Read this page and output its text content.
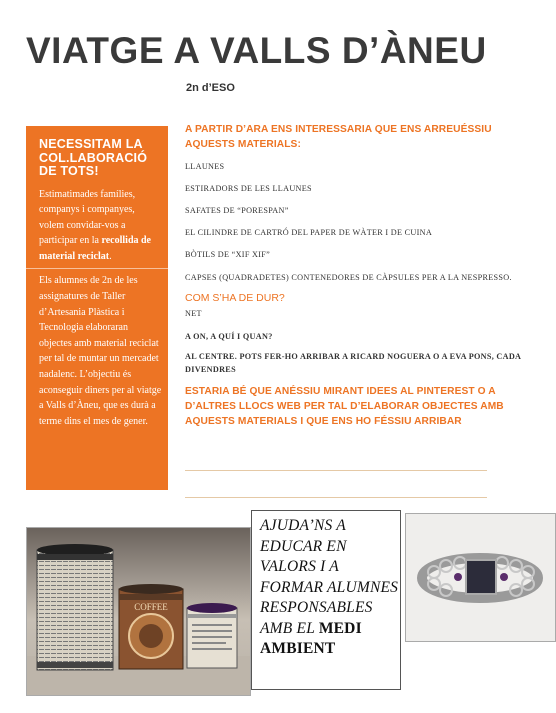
VIATGE A VALLS D’ÀNEU
2n d’ESO
NECESSITAM LA COL.LABORACIÓ DE TOTS!
Estimatimades famílies, companys i companyes, volem convidar-vos a participar en la recollida de material reciclat.
Els alumnes de 2n de les assignatures de Taller d’Artesania Plàstica i Tecnologia elaboraran objectes amb material reciclat per tal de muntar un mercadet nadalenc. L’objectiu és aconseguir diners per al viatge a Valls d’Àneu, que es durà a terme dins el mes de gener.
A PARTIR D’ARA ENS INTERESSARIA QUE ENS ARREUÉSSIU AQUESTS MATERIALS:
LLAUNES
ESTIRADORS DE LES LLAUNES
SAFATES DE “PORESPAN”
EL CILINDRE DE CARTRÓ DEL PAPER DE WÀTER I DE CUINA
BÒTILS DE “XIF XIF”
CAPSES (QUADRADETES) CONTENEDORES DE CÀPSULES PER A LA NESPRESSO.
COM S’HA DE DUR?
NET
A ON, A QUÍ I QUAN?
AL CENTRE. POTS FER-HO ARRIBAR A RICARD NOGUERA O A EVA PONS, CADA DIVENDRES
ESTARIA BÉ QUE ANÉSSIU MIRANT IDEES AL PINTEREST O A D’ALTRES LLOCS WEB PER TAL D’ELABORAR OBJECTES AMB AQUESTS MATERIALS I QUE ENS HO FÉSSIU ARRIBAR
COFFEE
AJUDA’NS A EDUCAR EN VALORS I A FORMAR ALUMNES RESPONSABLES AMB EL MEDI AMBIENT
